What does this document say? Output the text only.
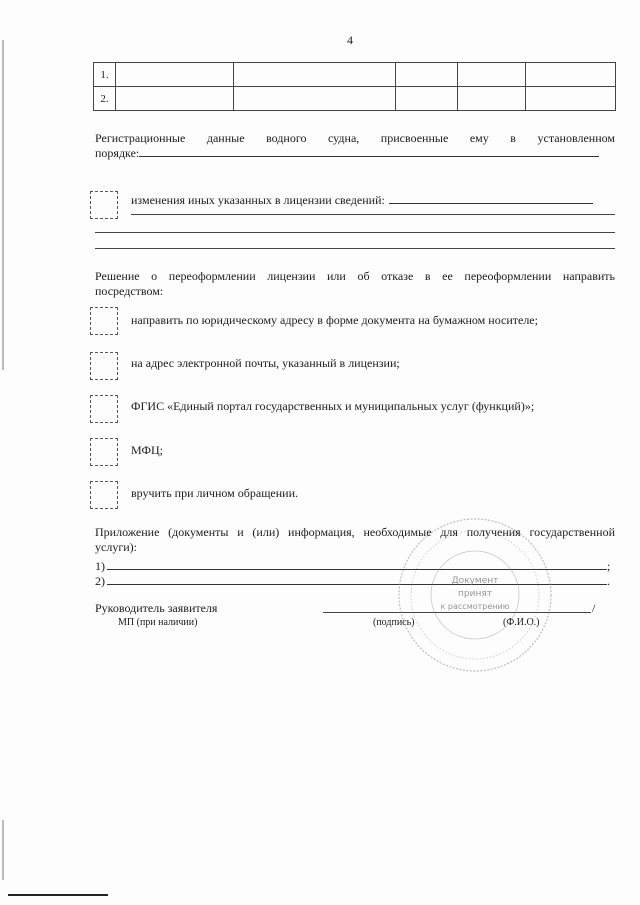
4
1.					
2.					
Регистрационные данные водного судна, присвоенные ему в установленном
порядке:
изменения иных указанных в лицензии сведений:
Решение о переоформлении лицензии или об отказе в ее переоформлении направить
посредством:
направить по юридическому адресу в форме документа на бумажном носителе;
на адрес электронной почты, указанный в лицензии;
ФГИС «Единый портал государственных и муниципальных услуг (функций)»;
МФЦ;
вручить при личном обращении.
Приложение (документы и (или) информация, необходимые для получения государственной
услуги):
1)	;
2)	.
Руководитель заявителя	/
МП (при наличии)	(подпись)	(Ф.И.О.)
Документ
принят
к рассмотрению
